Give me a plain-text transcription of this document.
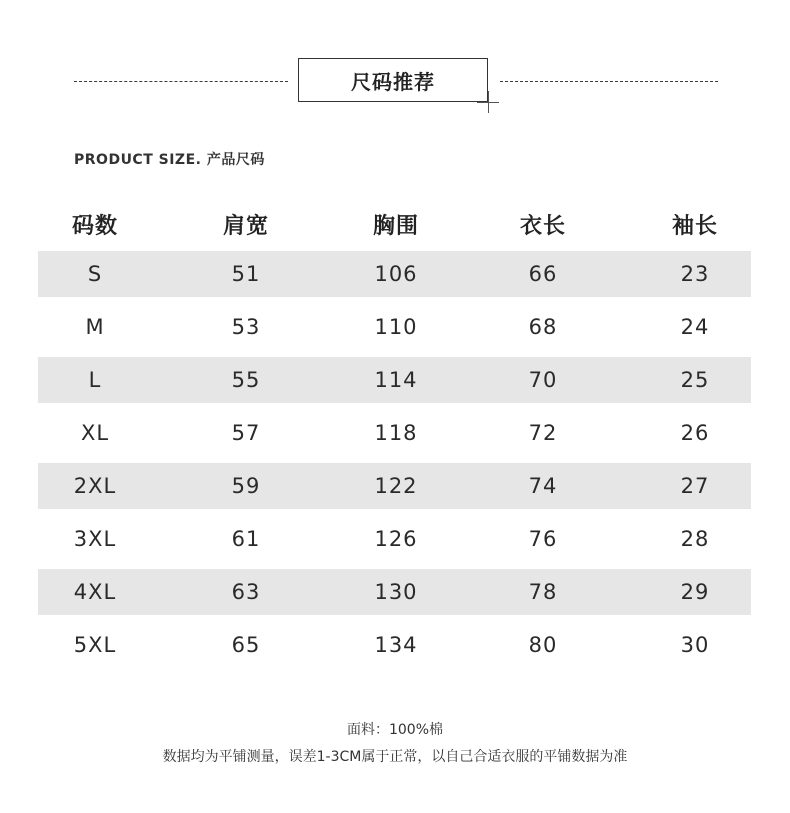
尺码推荐
PRODUCT SIZE. 产品尺码
码数	肩宽	胸围	衣长	袖长
S	51	106	66	23
M	53	110	68	24
L	55	114	70	25
XL	57	118	72	26
2XL	59	122	74	27
3XL	61	126	76	28
4XL	63	130	78	29
5XL	65	134	80	30
面料：100%棉
数据均为平铺测量，误差1-3CM属于正常，以自己合适衣服的平铺数据为准
